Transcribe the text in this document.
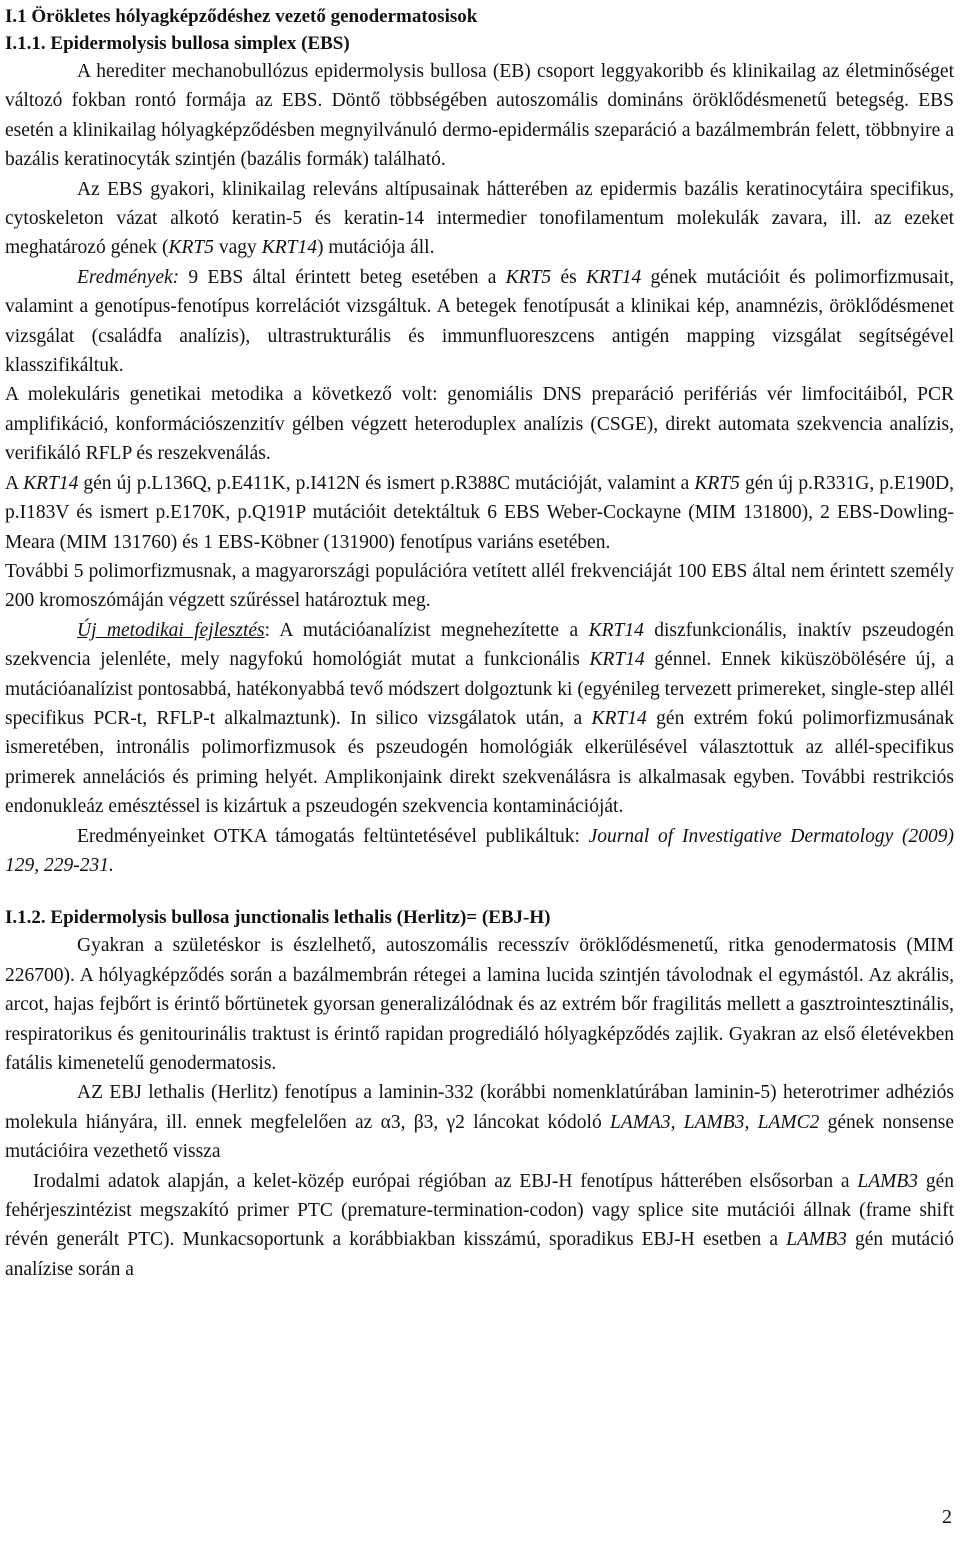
I.1 Örökletes hólyagképződéshez vezető genodermatosisok
I.1.1. Epidermolysis bullosa simplex (EBS)

A herediter mechanobullózus epidermolysis bullosa (EB) csoport leggyakoribb és klinikailag az életminőséget változó fokban rontó formája az EBS. Döntő többségében autoszomális domináns öröklődésmenetű betegség. EBS esetén a klinikailag hólyagképződésben megnyilvánuló dermo-epidermális szeparáció a bazálmembrán felett, többnyire a bazális keratinocyták szintjén (bazális formák) található.

Az EBS gyakori, klinikailag releváns altípusainak hátterében az epidermis bazális keratinocytáira specifikus, cytoskeleton vázat alkotó keratin-5 és keratin-14 intermedier tonofilamentum molekulák zavara, ill. az ezeket meghatározó gének (KRT5 vagy KRT14) mutációja áll.

Eredmények: 9 EBS által érintett beteg esetében a KRT5 és KRT14 gének mutációit és polimorfizmusait, valamint a genotípus-fenotípus korrelációt vizsgáltuk. A betegek fenotípusát a klinikai kép, anamnézis, öröklődésmenet vizsgálat (családfa analízis), ultrastrukturális és immunfluoreszcens antigén mapping vizsgálat segítségével klasszifikáltuk.

A molekuláris genetikai metodika a következő volt: genomiális DNS preparáció perifériás vér limfocitáiból, PCR amplifikáció, konformációszenzitív gélben végzett heteroduplex analízis (CSGE), direkt automata szekvencia analízis, verifikáló RFLP és reszekvenálás.

A KRT14 gén új p.L136Q, p.E411K, p.I412N és ismert p.R388C mutációját, valamint a KRT5 gén új p.R331G, p.E190D, p.I183V és ismert p.E170K, p.Q191P mutációit detektáltuk 6 EBS Weber-Cockayne (MIM 131800), 2 EBS-Dowling-Meara (MIM 131760) és 1 EBS-Köbner (131900) fenotípus variáns esetében.

További 5 polimorfizmusnak, a magyarországi populációra vetített allél frekvenciáját 100 EBS által nem érintett személy 200 kromoszómáján végzett szűréssel határoztuk meg.

Új metodikai fejlesztés: A mutációanalízist megnehezítette a KRT14 diszfunkcionális, inaktív pszeudogén szekvencia jelenléte, mely nagyfokú homológiát mutat a funkcionális KRT14 génnel. Ennek kiküszöbölésére új, a mutációanalízist pontosabbá, hatékonyabbá tevő módszert dolgoztunk ki (egyénileg tervezett primereket, single-step allél specifikus PCR-t, RFLP-t alkalmaztunk). In silico vizsgálatok után, a KRT14 gén extrém fokú polimorfizmusának ismeretében, intronális polimorfizmusok és pszeudogén homológiák elkerülésével választottuk az allél-specifikus primerek annelációs és priming helyét. Amplikonjaink direkt szekvenálásra is alkalmasak egyben. További restrikciós endonukleáz emésztéssel is kizártuk a pszeudogén szekvencia kontaminációját.

Eredményeinket OTKA támogatás feltüntetésével publikáltuk: Journal of Investigative Dermatology (2009) 129, 229-231.

I.1.2. Epidermolysis bullosa junctionalis lethalis (Herlitz)= (EBJ-H)

Gyakran a születéskor is észlelhető, autoszomális recesszív öröklődésmenetű, ritka genodermatosis (MIM 226700). A hólyagképződés során a bazálmembrán rétegei a lamina lucida szintjén távolodnak el egymástól. Az akrális, arcot, hajas fejbőrt is érintő bőrtünetek gyorsan generalizálódnak és az extrém bőr fragilitás mellett a gasztrointesztinális, respiratorikus és genitourinális traktust is érintő rapidan progrediáló hólyagképződés zajlik. Gyakran az első életévekben fatális kimenetelű genodermatosis.

AZ EBJ lethalis (Herlitz) fenotípus a laminin-332 (korábbi nomenklatúrában laminin-5) heterotrimer adhéziós molekula hiányára, ill. ennek megfelelően az α3, β3, γ2 láncokat kódoló LAMA3, LAMB3, LAMC2 gének nonsense mutációira vezethető vissza

Irodalmi adatok alapján, a kelet-közép európai régióban az EBJ-H fenotípus hátterében elsősorban a LAMB3 gén fehérjeszintézist megszakító primer PTC (premature-termination-codon) vagy splice site mutációi állnak (frame shift révén generált PTC). Munkacsoportunk a korábbiakban kisszámú, sporadikus EBJ-H esetben a LAMB3 gén mutáció analízise során a

2
